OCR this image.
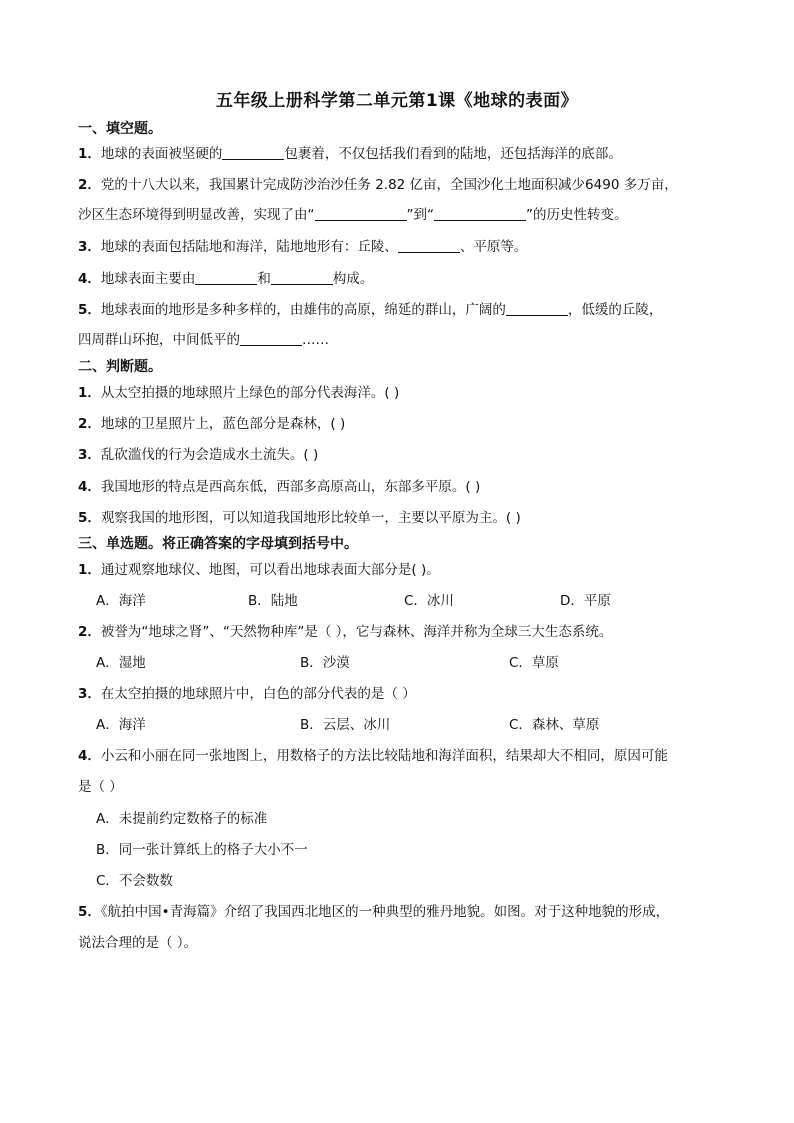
五年级上册科学第二单元第1课《地球的表面》
一、填空题。
1．地球的表面被坚硬的	包裹着，不仅包括我们看到的陆地，还包括海洋的底部。
2．党的十八大以来，我国累计完成防沙治沙任务 2.82 亿亩，全国沙化土地面积减少6490 多万亩，
沙区生态环境得到明显改善，实现了由“	”到“	”的历史性转变。
3．地球的表面包括陆地和海洋，陆地地形有：丘陵、	、平原等。
4．地球表面主要由	和	构成。
5．地球表面的地形是多种多样的，由雄伟的高原，绵延的群山，广阔的	，低缓的丘陵，
四周群山环抱，中间低平的	……
二、判断题。
1．从太空拍摄的地球照片上绿色的部分代表海洋。( )
2．地球的卫星照片上，蓝色部分是森林，( )
3．乱砍滥伐的行为会造成水土流失。( )
4．我国地形的特点是西高东低，西部多高原高山，东部多平原。( )
5．观察我国的地形图，可以知道我国地形比较单一，主要以平原为主。( )
三、单选题。将正确答案的字母填到括号中。
1．通过观察地球仪、地图，可以看出地球表面大部分是( )。
A．海洋	B．陆地	C．冰川	D．平原
2．被誉为“地球之肾”、“天然物种库”是（ ），它与森林、海洋并称为全球三大生态系统。
A．湿地	B．沙漠	C．草原
3．在太空拍摄的地球照片中，白色的部分代表的是（ ）
A．海洋	B．云层、冰川	C．森林、草原
4．小云和小丽在同一张地图上，用数格子的方法比较陆地和海洋面积，结果却大不相同，原因可能
是（ ）
A．未提前约定数格子的标准
B．同一张计算纸上的格子大小不一
C．不会数数
5．《航拍中国•青海篇》介绍了我国西北地区的一种典型的雅丹地貌。如图。对于这种地貌的形成，
说法合理的是（ ）。
